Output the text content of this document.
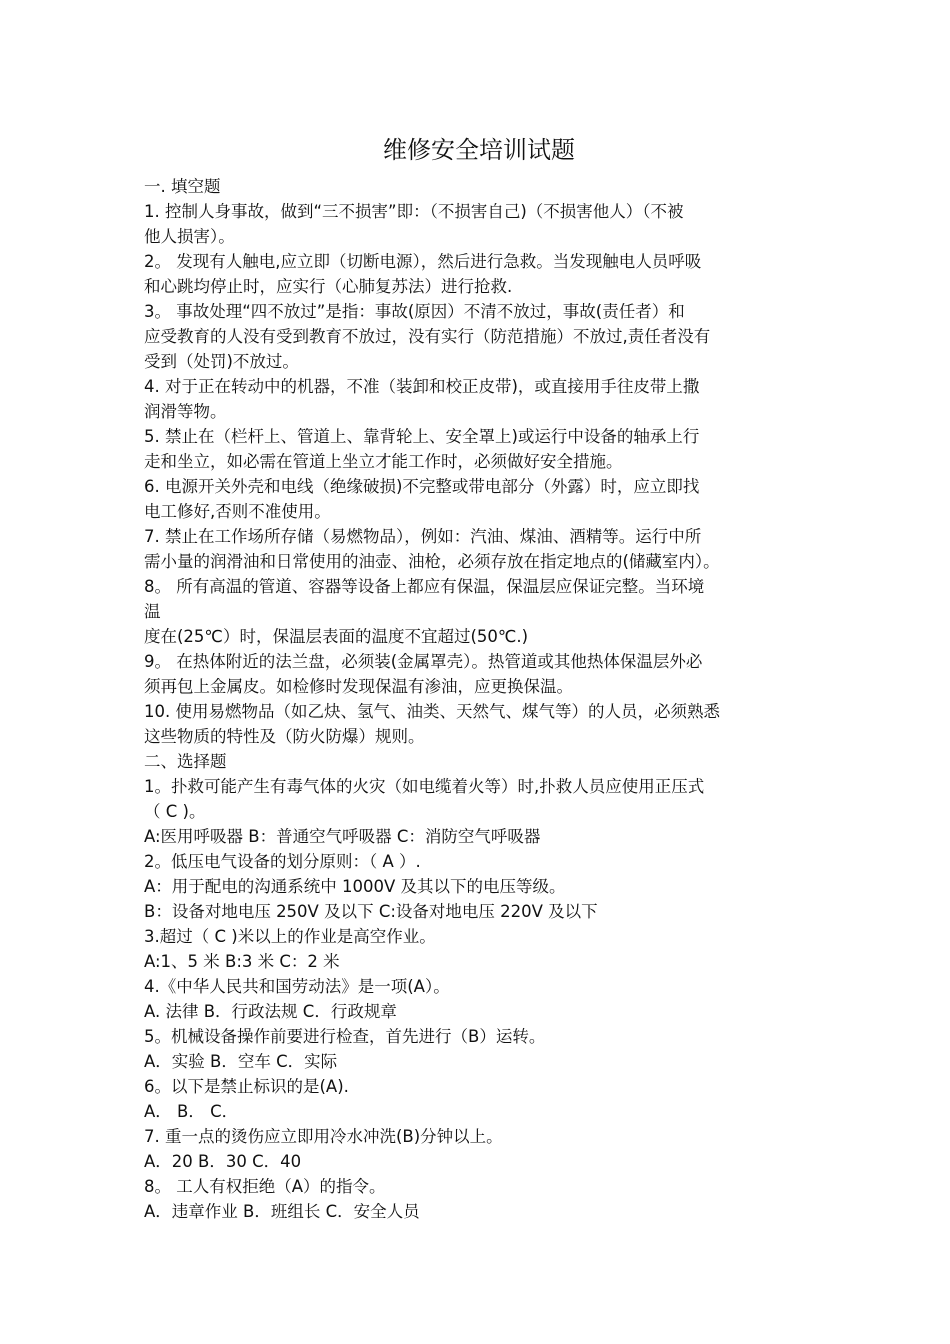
维修安全培训试题

一. 填空题

1. 控制人身事故，做到“三不损害”即：（不损害自己)（不损害他人）（不被

他人损害）。

2。 发现有人触电,应立即（切断电源），然后进行急救。当发现触电人员呼吸

和心跳均停止时，应实行（心肺复苏法）进行抢救.

3。 事故处理“四不放过”是指：事故(原因）不清不放过，事故(责任者）和

应受教育的人没有受到教育不放过，没有实行（防范措施）不放过,责任者没有

受到（处罚)不放过。

4. 对于正在转动中的机器，不准（装卸和校正皮带)，或直接用手往皮带上撒

润滑等物。

5. 禁止在（栏杆上、管道上、靠背轮上、安全罩上)或运行中设备的轴承上行

走和坐立，如必需在管道上坐立才能工作时，必须做好安全措施。

6. 电源开关外壳和电线（绝缘破损)不完整或带电部分（外露）时，应立即找

电工修好,否则不准使用。

7. 禁止在工作场所存储（易燃物品），例如：汽油、煤油、酒精等。运行中所

需小量的润滑油和日常使用的油壶、油枪，必须存放在指定地点的(储藏室内）。

8。 所有高温的管道、容器等设备上都应有保温，保温层应保证完整。当环境

温

度在(25℃）时，保温层表面的温度不宜超过(50℃.)

9。 在热体附近的法兰盘，必须装(金属罩壳）。热管道或其他热体保温层外必

须再包上金属皮。如检修时发现保温有渗油，应更换保温。

10. 使用易燃物品（如乙炔、氢气、油类、天然气、煤气等）的人员，必须熟悉

这些物质的特性及（防火防爆）规则。

二、选择题

1。扑救可能产生有毒气体的火灾（如电缆着火等）时,扑救人员应使用正压式

（ C )。

A:医用呼吸器 B：普通空气呼吸器 C：消防空气呼吸器

2。低压电气设备的划分原则：（ A ）.

A：用于配电的沟通系统中 1000V 及其以下的电压等级。

B：设备对地电压 250V 及以下 C:设备对地电压 220V 及以下

3.超过（ C )米以上的作业是高空作业。

A:1、5 米 B:3 米 C：2 米

4.《中华人民共和国劳动法》是一项(A）。

A. 法律 B．行政法规 C．行政规章

5。机械设备操作前要进行检查，首先进行（B）运转。

A．实验 B．空车 C．实际

6。以下是禁止标识的是(A).

A． B． C．

7. 重一点的烫伤应立即用冷水冲洗(B)分钟以上。

A．20 B．30 C．40

8。 工人有权拒绝（A）的指令。

A．违章作业 B．班组长 C．安全人员
